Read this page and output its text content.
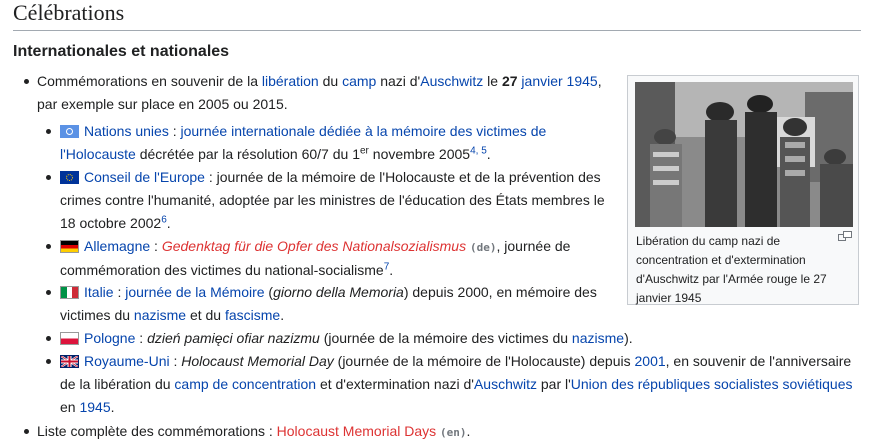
Célébrations
Internationales et nationales
Libération du camp nazi de concentration et d'extermination d'Auschwitz par l'Armée rouge le 27 janvier 1945
Commémorations en souvenir de la libération du camp nazi d'Auschwitz le 27 janvier 1945,
par exemple sur place en 2005 ou 2015.
Nations unies : journée internationale dédiée à la mémoire des victimes de
l'Holocauste décrétée par la résolution 60/7 du 1er novembre 2005$^{4, 5}$.
Conseil de l'Europe : journée de la mémoire de l'Holocauste et de la prévention des
crimes contre l'humanité, adoptée par les ministres de l'éducation des États membres le
18 octobre 2002$^6$.
Allemagne : Gedenktag für die Opfer des Nationalsozialismus (de), journée de
commémoration des victimes du national-socialisme$^7$.
Italie : journée de la Mémoire (giorno della Memoria) depuis 2000, en mémoire des
victimes du nazisme et du fascisme.
Pologne : dzień pamięci ofiar nazizmu (journée de la mémoire des victimes du nazisme).
Royaume-Uni : Holocaust Memorial Day (journée de la mémoire de l'Holocauste) depuis 2001, en souvenir de l'anniversaire
de la libération du camp de concentration et d'extermination nazi d'Auschwitz par l'Union des républiques socialistes soviétiques
en 1945.
Liste complète des commémorations : Holocaust Memorial Days (en).
